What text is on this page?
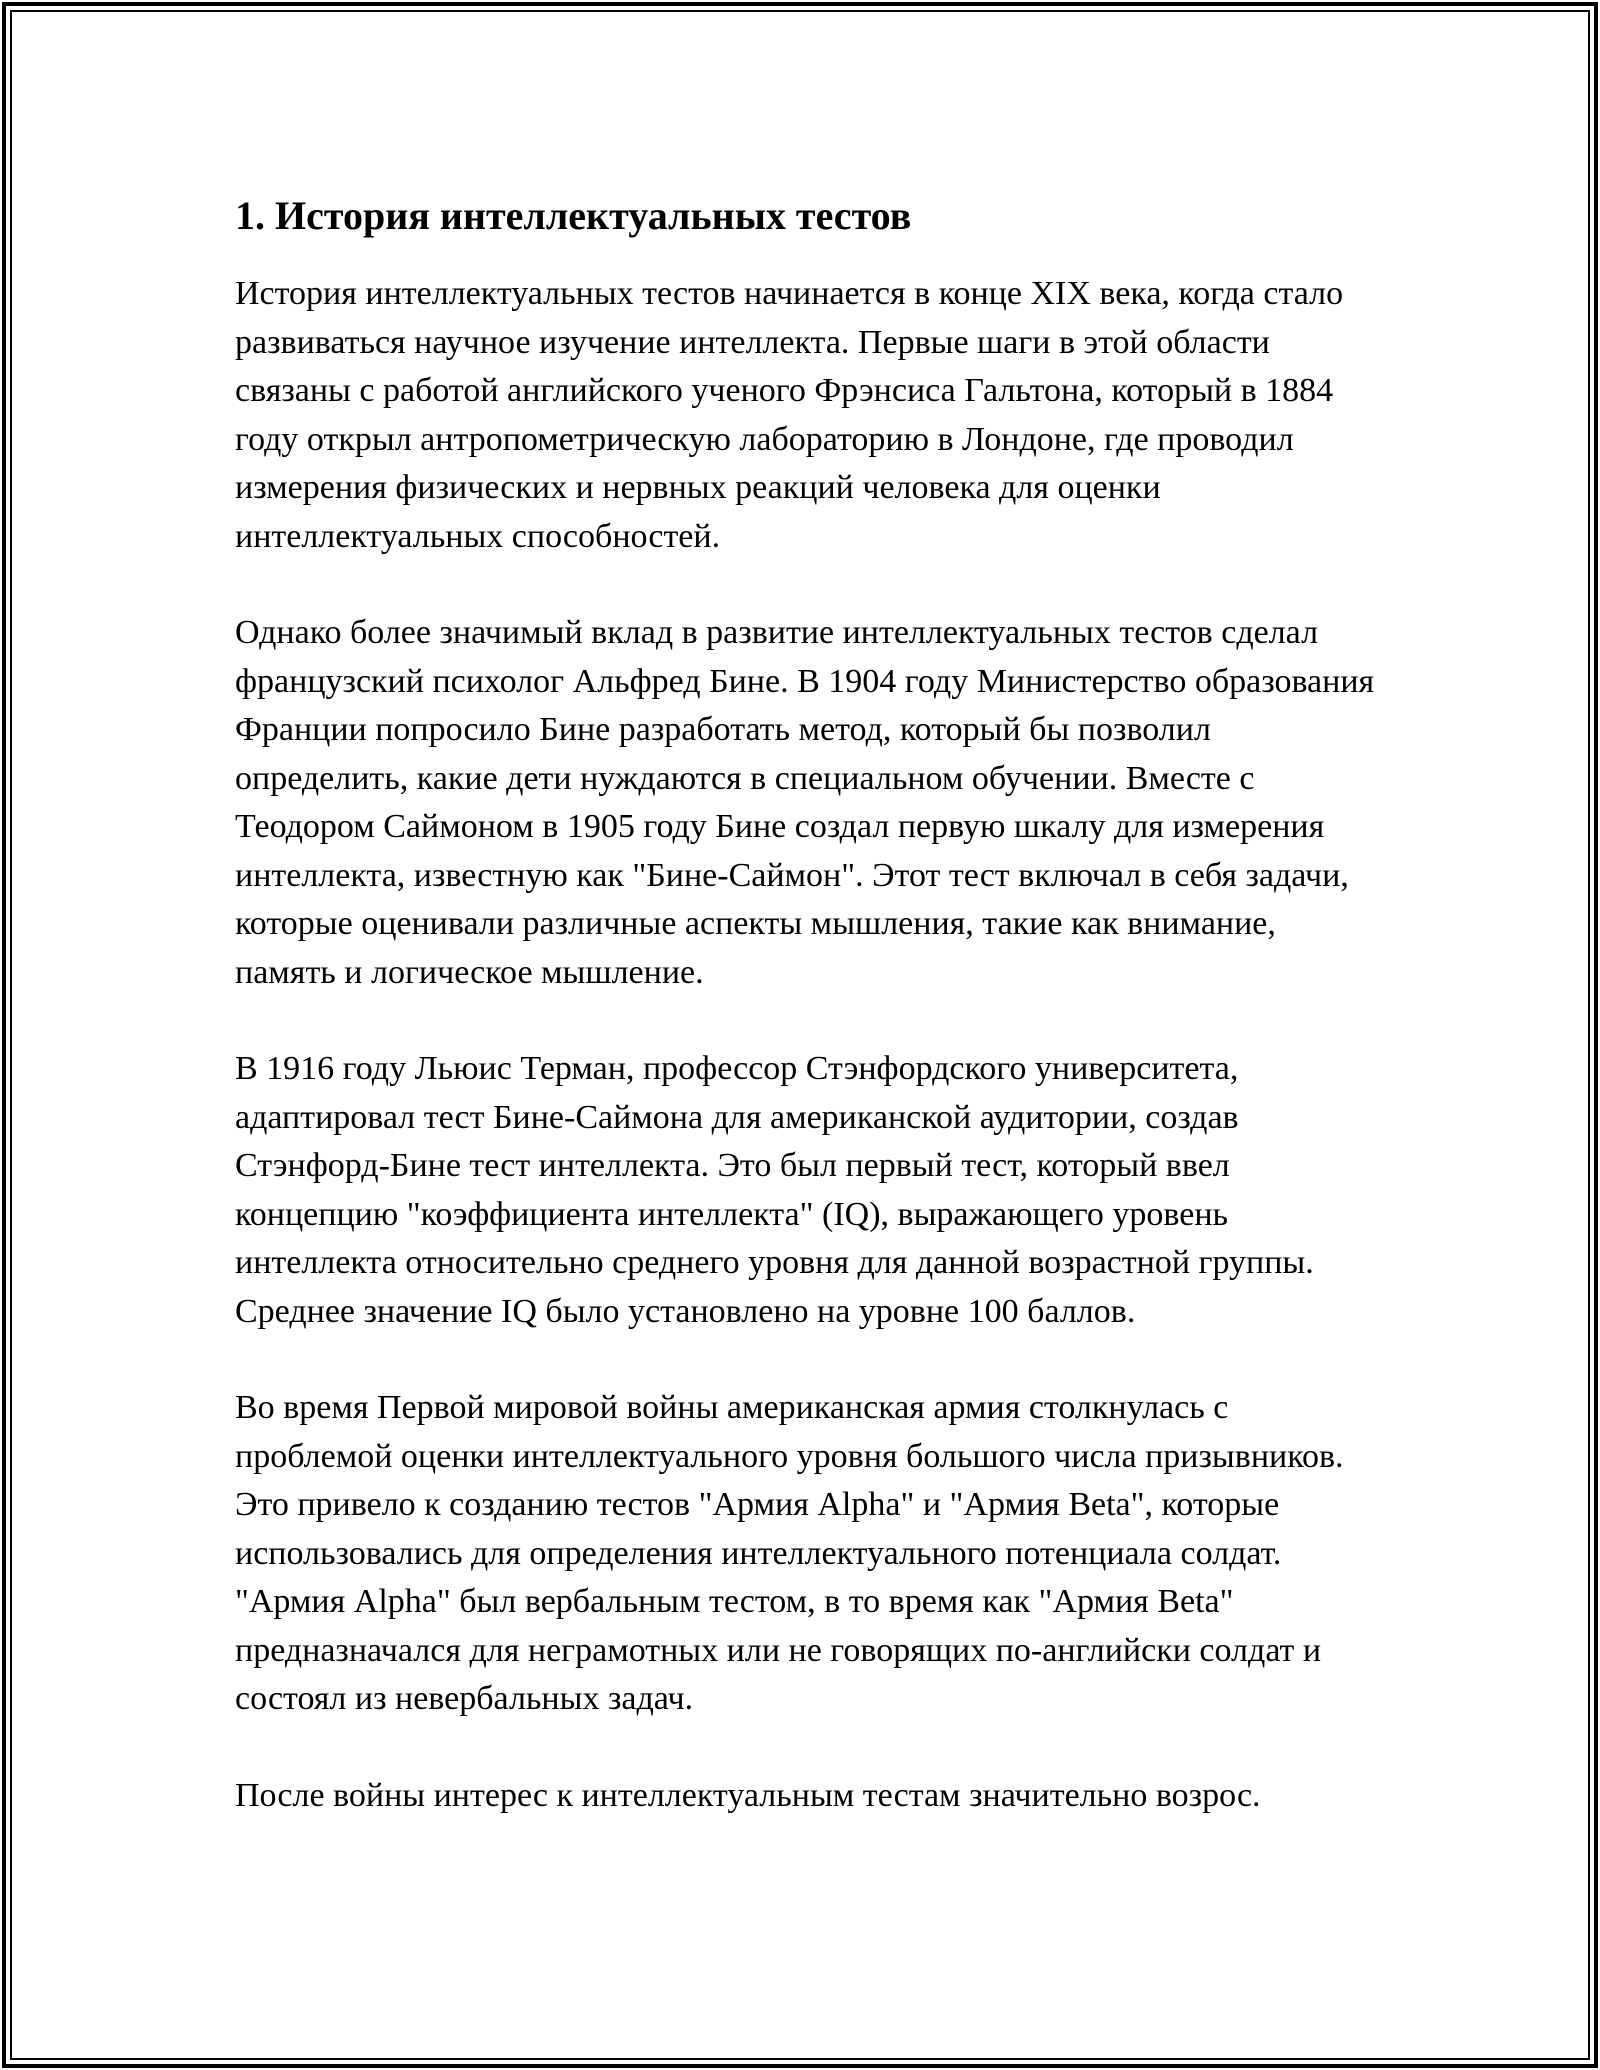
1. История интеллектуальных тестов

История интеллектуальных тестов начинается в конце XIX века, когда стало развиваться научное изучение интеллекта. Первые шаги в этой области связаны с работой английского ученого Фрэнсиса Гальтона, который в 1884 году открыл антропометрическую лабораторию в Лондоне, где проводил измерения физических и нервных реакций человека для оценки интеллектуальных способностей.

Однако более значимый вклад в развитие интеллектуальных тестов сделал французский психолог Альфред Бине. В 1904 году Министерство образования Франции попросило Бине разработать метод, который бы позволил определить, какие дети нуждаются в специальном обучении. Вместе с Теодором Саймоном в 1905 году Бине создал первую шкалу для измерения интеллекта, известную как "Бине-Саймон". Этот тест включал в себя задачи, которые оценивали различные аспекты мышления, такие как внимание, память и логическое мышление.

В 1916 году Льюис Терман, профессор Стэнфордского университета, адаптировал тест Бине-Саймона для американской аудитории, создав Стэнфорд-Бине тест интеллекта. Это был первый тест, который ввел концепцию "коэффициента интеллекта" (IQ), выражающего уровень интеллекта относительно среднего уровня для данной возрастной группы. Среднее значение IQ было установлено на уровне 100 баллов.

Во время Первой мировой войны американская армия столкнулась с проблемой оценки интеллектуального уровня большого числа призывников. Это привело к созданию тестов "Армия Alpha" и "Армия Beta", которые использовались для определения интеллектуального потенциала солдат. "Армия Alpha" был вербальным тестом, в то время как "Армия Beta" предназначался для неграмотных или не говорящих по-английски солдат и состоял из невербальных задач.

После войны интерес к интеллектуальным тестам значительно возрос.
